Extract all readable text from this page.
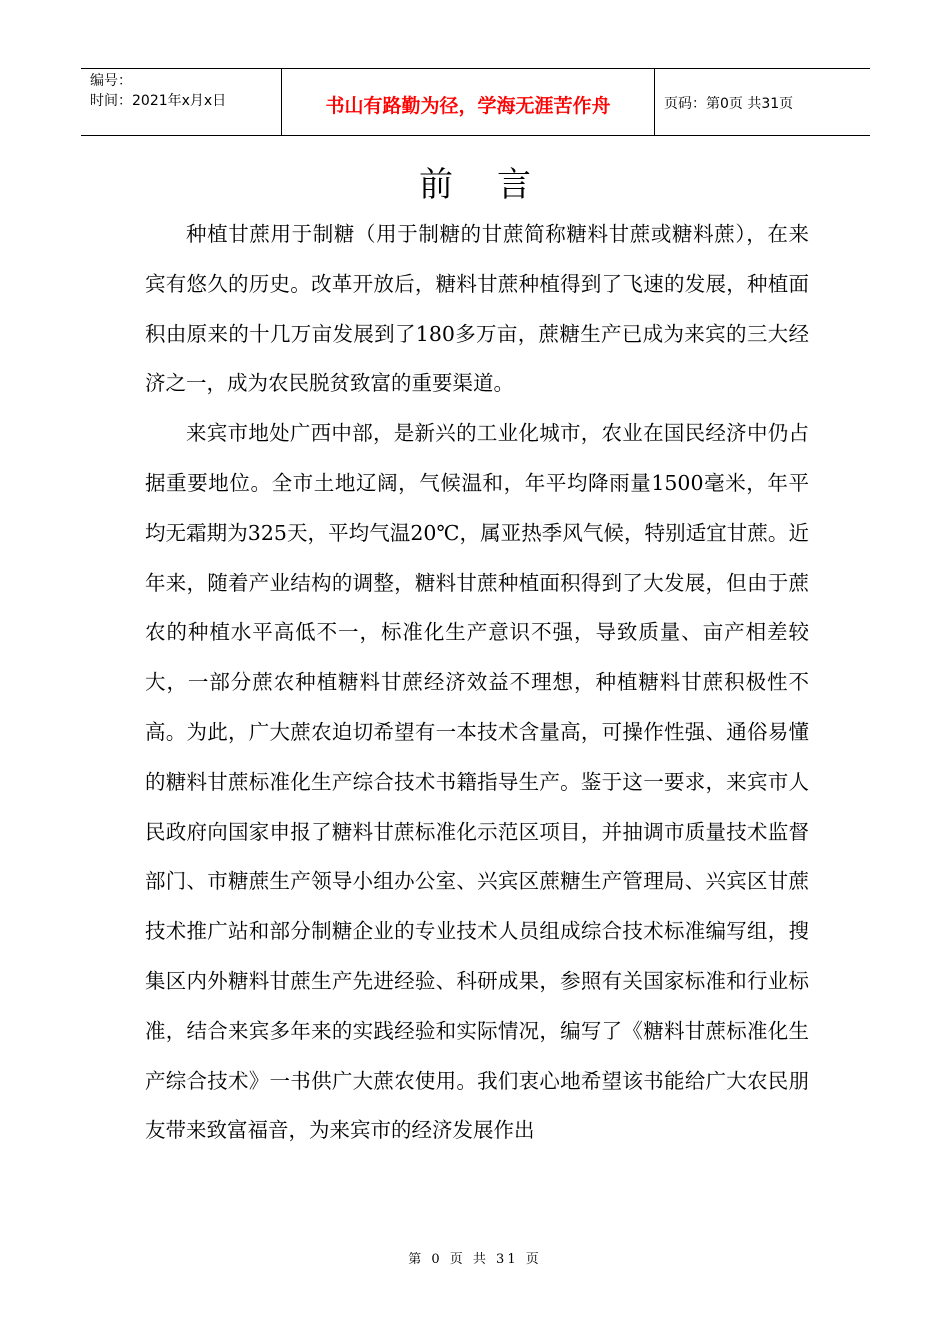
编号：
时间：2021年x月x日	书山有路勤为径，学海无涯苦作舟	页码：第0页 共31页
前言

种植甘蔗用于制糖（用于制糖的甘蔗简称糖料甘蔗或糖料蔗），在来宾有悠久的历史。改革开放后，糖料甘蔗种植得到了飞速的发展，种植面积由原来的十几万亩发展到了180多万亩，蔗糖生产已成为来宾的三大经济之一，成为农民脱贫致富的重要渠道。

来宾市地处广西中部，是新兴的工业化城市，农业在国民经济中仍占据重要地位。全市土地辽阔，气候温和，年平均降雨量1500毫米，年平均无霜期为325天，平均气温20℃，属亚热季风气候，特别适宜甘蔗。近年来，随着产业结构的调整，糖料甘蔗种植面积得到了大发展，但由于蔗农的种植水平高低不一，标准化生产意识不强，导致质量、亩产相差较大，一部分蔗农种植糖料甘蔗经济效益不理想，种植糖料甘蔗积极性不高。为此，广大蔗农迫切希望有一本技术含量高，可操作性强、通俗易懂的糖料甘蔗标准化生产综合技术书籍指导生产。鉴于这一要求，来宾市人民政府向国家申报了糖料甘蔗标准化示范区项目，并抽调市质量技术监督部门、市糖蔗生产领导小组办公室、兴宾区蔗糖生产管理局、兴宾区甘蔗技术推广站和部分制糖企业的专业技术人员组成综合技术标准编写组，搜集区内外糖料甘蔗生产先进经验、科研成果，参照有关国家标准和行业标准，结合来宾多年来的实践经验和实际情况，编写了《糖料甘蔗标准化生产综合技术》一书供广大蔗农使用。我们衷心地希望该书能给广大农民朋友带来致富福音，为来宾市的经济发展作出

第 0 页 共 31 页
